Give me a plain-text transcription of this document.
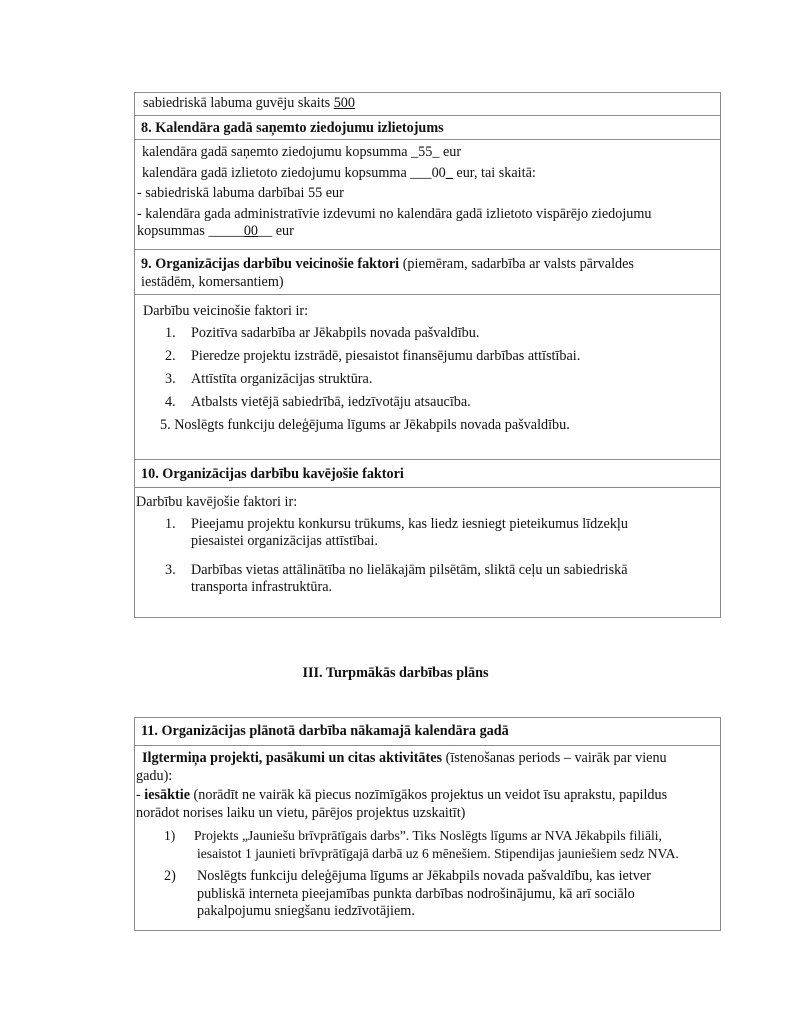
sabiedriskā labuma guvēju skaits 500
8. Kalendāra gadā saņemto ziedojumu izlietojums
kalendāra gadā saņemto ziedojumu kopsumma _55_ eur
kalendāra gadā izlietoto ziedojumu kopsumma ___00_ eur, tai skaitā:
- sabiedriskā labuma darbībai 55 eur
- kalendāra gada administratīvie izdevumi no kalendāra gadā izlietoto vispārējo ziedojumu
kopsummas _____00__ eur
9. Organizācijas darbību veicinošie faktori (piemēram, sadarbība ar valsts pārvaldes
iestādēm, komersantiem)
Darbību veicinošie faktori ir:
1.	Pozitīva sadarbība ar Jēkabpils novada pašvaldību.
2.	Pieredze projektu izstrādē, piesaistot finansējumu darbības attīstībai.
3.	Attīstīta organizācijas struktūra.
4.	Atbalsts vietējā sabiedrībā, iedzīvotāju atsaucība.
5. Noslēgts funkciju deleģējuma līgums ar Jēkabpils novada pašvaldību.
10. Organizācijas darbību kavējošie faktori
Darbību kavējošie faktori ir:
1.	Pieejamu projektu konkursu trūkums, kas liedz iesniegt pieteikumus līdzekļu
piesaistei organizācijas attīstībai.
3.	Darbības vietas attālinātība no lielākajām pilsētām, sliktā ceļu un sabiedriskā
transporta infrastruktūra.
III. Turpmākās darbības plāns
11. Organizācijas plānotā darbība nākamajā kalendāra gadā
Ilgtermiņa projekti, pasākumi un citas aktivitātes (īstenošanas periods – vairāk par vienu
gadu):
- iesāktie (norādīt ne vairāk kā piecus nozīmīgākos projektus un veidot īsu aprakstu, papildus
norādot norises laiku un vietu, pārējos projektus uzskaitīt)
1)	Projekts „Jauniešu brīvprātīgais darbs”. Tiks Noslēgts līgums ar NVA Jēkabpils filiāli,
iesaistot 1 jaunieti brīvprātīgajā darbā uz 6 mēnešiem. Stipendijas jauniešiem sedz NVA.
2)	Noslēgts funkciju deleģējuma līgums ar Jēkabpils novada pašvaldību, kas ietver
publiskā interneta pieejamības punkta darbības nodrošinājumu, kā arī sociālo
pakalpojumu sniegšanu iedzīvotājiem.
